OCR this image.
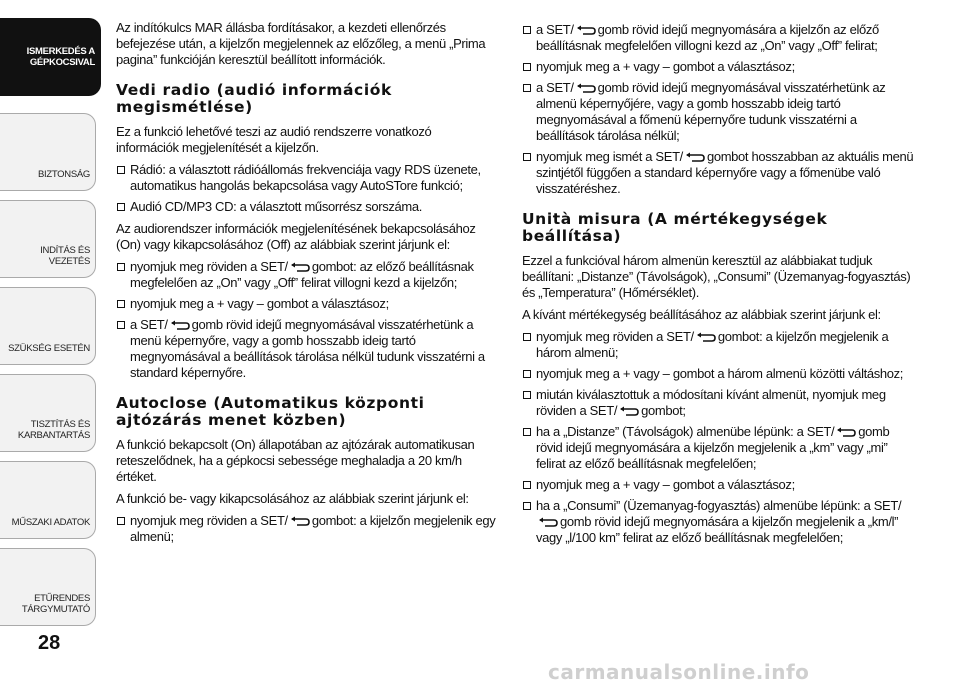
ISMERKEDÉS A
GÉPKOCSIVAL
BIZTONSÁG
INDÍTÁS ÉS VEZETÉS
SZÜKSÉG ESETÉN
TISZTÍTÁS ÉS
KARBANTARTÁS
MŰSZAKI ADATOK
ETŰRENDES
TÁRGYMUTATÓ
28

Az indítókulcs MAR állásba fordításakor, a kezdeti ellenőrzés befejezése után, a kijelzőn megjelennek az előzőleg, a menü „Prima pagina” funkcióján keresztül beállított információk.

Vedi radio (audió információk megismétlése)

Ez a funkció lehetővé teszi az audió rendszerre vonatkozó információk megjelenítését a kijelzőn.

Rádió: a választott rádióállomás frekvenciája vagy RDS üzenete, automatikus hangolás bekapcsolása vagy AutoSTore funkció;
Audió CD/MP3 CD: a választott műsorrész sorszáma.

Az audiorendszer információk megjelenítésének bekapcsolásához (On) vagy kikapcsolásához (Off) az alábbiak szerint járjunk el:

nyomjuk meg röviden a SET/ gombot: az előző beállításnak megfelelően az „On” vagy „Off” felirat villogni kezd a kijelzőn;
nyomjuk meg a + vagy – gombot a választásoz;
a SET/ gomb rövid idejű megnyomásával visszatérhetünk a menü képernyőre, vagy a gomb hosszabb ideig tartó megnyomásával a beállítások tárolása nélkül tudunk visszatérni a standard képernyőre.
Autoclose (Automatikus központi ajtózárás menet közben)

A funkció bekapcsolt (On) állapotában az ajtózárak automatikusan reteszelődnek, ha a gépkocsi sebessége meghaladja a 20 km/h értéket.

A funkció be- vagy kikapcsolásához az alábbiak szerint járjunk el:

nyomjuk meg röviden a SET/ gombot: a kijelzőn megjelenik egy almenü;
a SET/ gomb rövid idejű megnyomására a kijelzőn az előző beállításnak megfelelően villogni kezd az „On” vagy „Off” felirat;
nyomjuk meg a + vagy – gombot a választásoz;
a SET/ gomb rövid idejű megnyomásával visszatérhetünk az almenü képernyőjére, vagy a gomb hosszabb ideig tartó megnyomásával a főmenü képernyőre tudunk visszatérni a beállítások tárolása nélkül;
nyomjuk meg ismét a SET/ gombot hosszabban az aktuális menü szintjétől függően a standard képernyőre vagy a főmenübe való visszatéréshez.
Unità misura (A mértékegységek beállítása)

Ezzel a funkcióval három almenün keresztül az alábbiakat tudjuk beállítani: „Distanze” (Távolságok), „Consumi” (Üzemanyag-fogyasztás) és „Temperatura” (Hőmérséklet).

A kívánt mértékegység beállításához az alábbiak szerint járjunk el:

nyomjuk meg röviden a SET/ gombot: a kijelzőn megjelenik a három almenü;
nyomjuk meg a + vagy – gombot a három almenü közötti váltáshoz;
miután kiválasztottuk a módosítani kívánt almenüt, nyomjuk meg röviden a SET/ gombot;
ha a „Distanze” (Távolságok) almenübe lépünk: a SET/ gomb rövid idejű megnyomására a kijelzőn megjelenik a „km” vagy „mi” felirat az előző beállításnak megfelelően;
nyomjuk meg a + vagy – gombot a választásoz;
ha a „Consumi” (Üzemanyag-fogyasztás) almenübe lépünk: a SET/gomb rövid idejű megnyomására a kijelzőn megjelenik a „km/l” vagy „l/100 km” felirat az előző beállításnak megfelelően;
carmanualsonline.info
